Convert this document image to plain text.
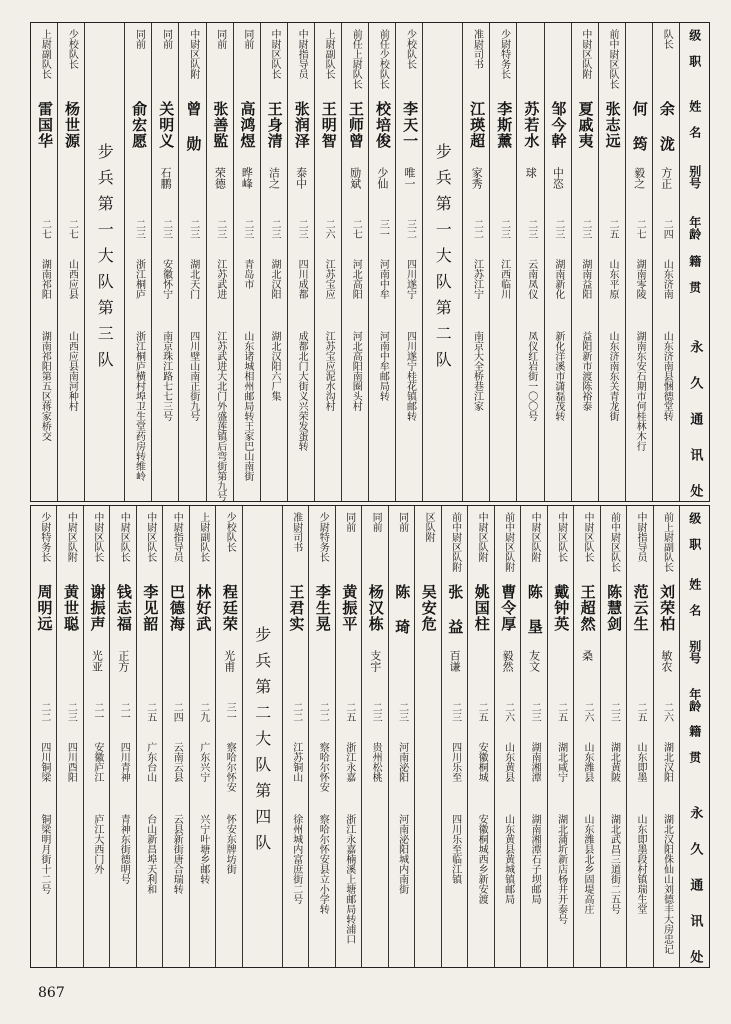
级 职
姓 名
别号
年龄
籍 贯
永 久 通 讯 处
队长
余 泷
方正
二四
山东济南
山东济南县悃德堂转
何 筠
毅之
二七
湖南零陵
湖南东安石期市何桂林木行
前中尉区队长
张志远
二五
山东平原
山东济南东关青龙街
中尉区队附
夏戚夷
二三
湖南益阳
益阳新市渡陈裕泰
邹今幹
中恣
二三
湖南新化
新化洋溪市潇磊茂转
苏若水
球
二三
云南凤仪
凤仪红岩街一〇〇号
少尉特务长
李斯薰
二三
江西临川
准尉司书
江瑛超
家秀
二二
江苏江宁
南京大全桥巷江家
步兵第一大队第二队
少校队长
李天一
唯一
三二
四川遂宁
四川遂宁桂花镇邮转
前任少校队长
校培俊
少仙
三一
河南中牟
河南中牟邮局转
前任上尉队长
王师曾
励斌
二七
河北高阳
河北高阳南圈头村
上尉副队长
王明智
二六
江苏宝应
江苏宝应泥水沟村
中尉指导员
张润泽
泰中
二三
四川成都
成都北门大街义兴荣发蛋转
中尉区队长
王身清
洁之
二三
湖北汉阳
湖北汉阳六厂集
同前
高鸿煜
晔峰
二三
青岛市
山东诸城相州邮局转王家巴山南街
同前
张善監
荣德
二三
江苏武进
江苏武进大北门外盛莲镇后弯街第九号
中尉区队附
曾 勋
二三
湖北天门
四川壁山南正街九号
同前
关明义
石鹏
二三
安徽怀宁
南京珠江路七七三号
同前
俞宏愿
二三
浙江桐庐
浙江桐庐横村埠卫生堂药房转维岭
步兵第一大队第三队
少校队长
杨世源
二七
山西应县
山西应县南河种村
上尉副队长
雷国华
二七
湖南祁阳
湖南祁阳第五区蒋家桥交
级 职
姓 名
别号
年龄
籍 贯
永 久 通 讯 处
前上尉副队长
刘荣柏
敏农
二六
湖北汉阳
湖北汉阳侏仙山刘德丰大房忠记
中尉指导员
范云生
二五
山东即墨
山东即墨段村镇瑞生堂
前中尉区队长
陈慧剑
二三
湖北黄陂
湖北武昌三道街二五号
中尉区队长
王超然
桑
二六
山东潍县
山东潍县北乡固堤高庄
中尉区队长
戴钟英
二五
湖北咸宁
湖北蒲圻新店杨井开泰号
中尉区队附
陈 垦
友文
二三
湖南湘潭
湖南湘潭石子坝邮局
前中尉区队附
曹令厚
毅然
二六
山东黄县
山东黄县黄城镇邮局
中尉区队附
姚国柱
二五
安徽桐城
安徽桐城西乡新安渡
前中尉区队附
张 益
百谦
二三
四川乐至
四川乐至临江镇
区队附
吴安危
同前
陈 琦
二三
河南泌阳
河南泌阳城内南街
同前
杨汉栋
支宇
二三
贵州松桃
同前
黄振平
二五
浙江永嘉
浙江永嘉楠溪上塘邮局转浦口
少尉特务长
李生晃
二二
察哈尔怀安
察哈尔怀安县立小学转
准尉司书
王君实
二二
江苏铜山
徐州城内富庶街二号
步兵第二大队第四队
少校队长
程廷荣
光甫
三一
察哈尔怀安
怀安东牌坊街
上尉副队长
林好武
二九
广东兴宁
兴宁叶塘乡邮转
中尉指导员
巴德海
二四
云南云县
云县新街唐合瑞转
中尉区队长
李见韶
二五
广东台山
台山新昌埠天利和
中尉区队长
钱志福
正方
二一
四川青神
青神东街德明号
中尉区队长
谢振声
光亚
二一
安徽庐江
庐江大西门外
中尉区队附
黄世聪
二三
四川酉阳
少尉特务长
周明远
二二
四川铜梁
铜梁明月街十二号
867
